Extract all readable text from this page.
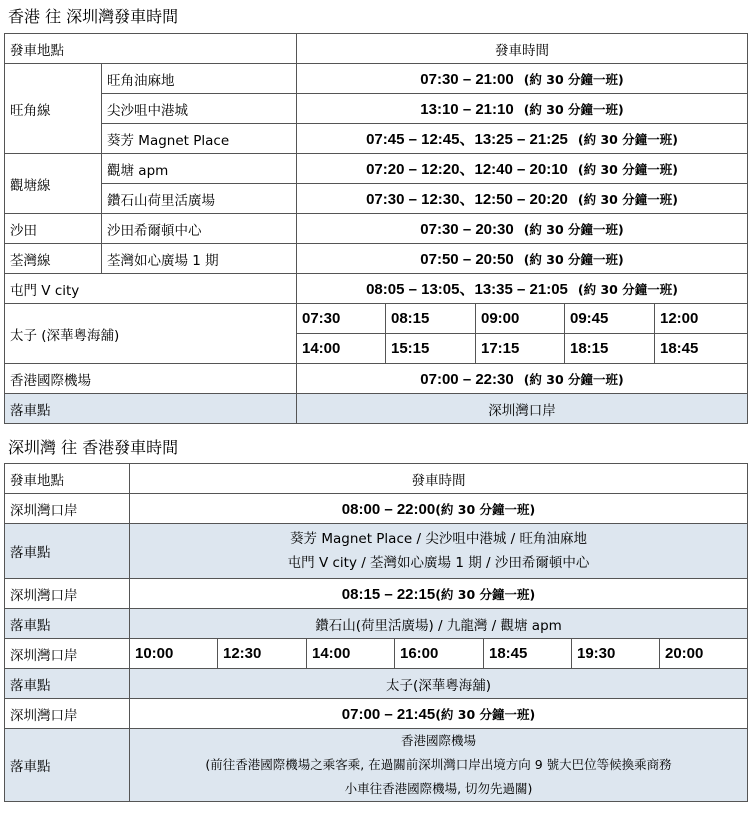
香港 往 深圳灣發車時間
發車地點		發車時間				
旺角線	旺角油麻地	07:30 – 21:00 (約 30 分鐘一班)				
	尖沙咀中港城	13:10 – 21:10 (約 30 分鐘一班)				
	葵芳 Magnet Place	07:45 – 12:45、13:25 – 21:25 (約 30 分鐘一班)				
觀塘線	觀塘 apm	07:20 – 12:20、12:40 – 20:10 (約 30 分鐘一班)				
	鑽石山荷里活廣場	07:30 – 12:30、12:50 – 20:20 (約 30 分鐘一班)				
沙田	沙田希爾頓中心	07:30 – 20:30 (約 30 分鐘一班)				
荃灣線	荃灣如心廣場 1 期	07:50 – 20:50 (約 30 分鐘一班)				
屯門 V city		08:05 – 13:05、13:35 – 21:05 (約 30 分鐘一班)				
太子 (深華粵海舖)		07:30	08:15	09:00	09:45	12:00
		14:00	15:15	17:15	18:15	18:45
香港國際機場		07:00 – 22:30 (約 30 分鐘一班)				
落車點		深圳灣口岸				
深圳灣 往 香港發車時間
發車地點	發車時間						
深圳灣口岸	08:00 – 22:00(約 30 分鐘一班)						
落車點	葵芳 Magnet Place / 尖沙咀中港城 / 旺角油麻地
屯門 V city / 荃灣如心廣場 1 期 / 沙田希爾頓中心						

深圳灣口岸	08:15 – 22:15(約 30 分鐘一班)						
落車點	鑽石山(荷里活廣場) / 九龍灣 / 觀塘 apm						
深圳灣口岸	10:00	12:30	14:00	16:00	18:45	19:30	20:00
落車點	太子(深華粵海舖)						
深圳灣口岸	07:00 – 21:45(約 30 分鐘一班)						
落車點	香港國際機場
(前往香港國際機場之乘客乘, 在過關前深圳灣口岸出境方向 9 號大巴位等候換乘商務
小車往香港國際機場, 切勿先過關)						
